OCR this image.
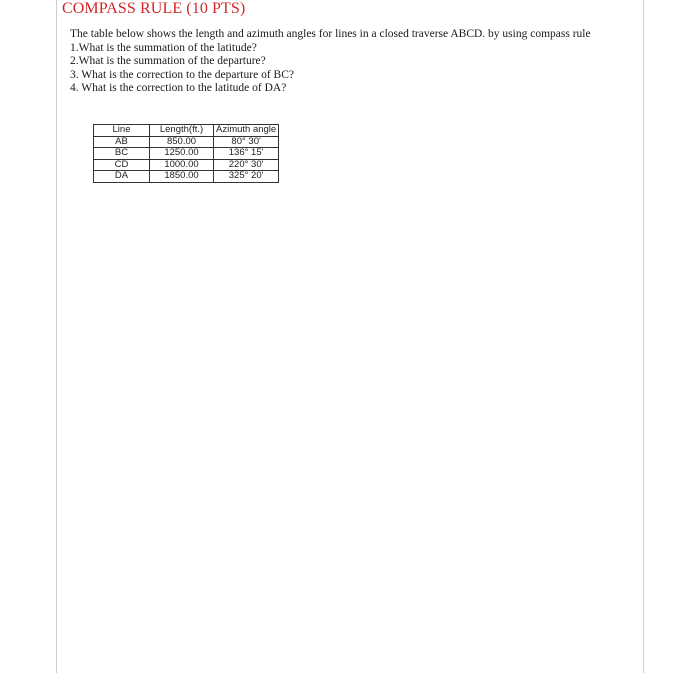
COMPASS RULE (10 PTS)
The table below shows the length and azimuth angles for lines in a closed traverse ABCD. by using compass rule
1.What is the summation of the latitude?
2.What is the summation of the departure?
3. What is the correction to the departure of BC?
4. What is the correction to the latitude of DA?
Line	Length(ft.)	Azimuth angle
AB	850.00	80° 30'
BC	1250.00	136° 15'
CD	1000.00	220° 30'
DA	1850.00	325° 20'
